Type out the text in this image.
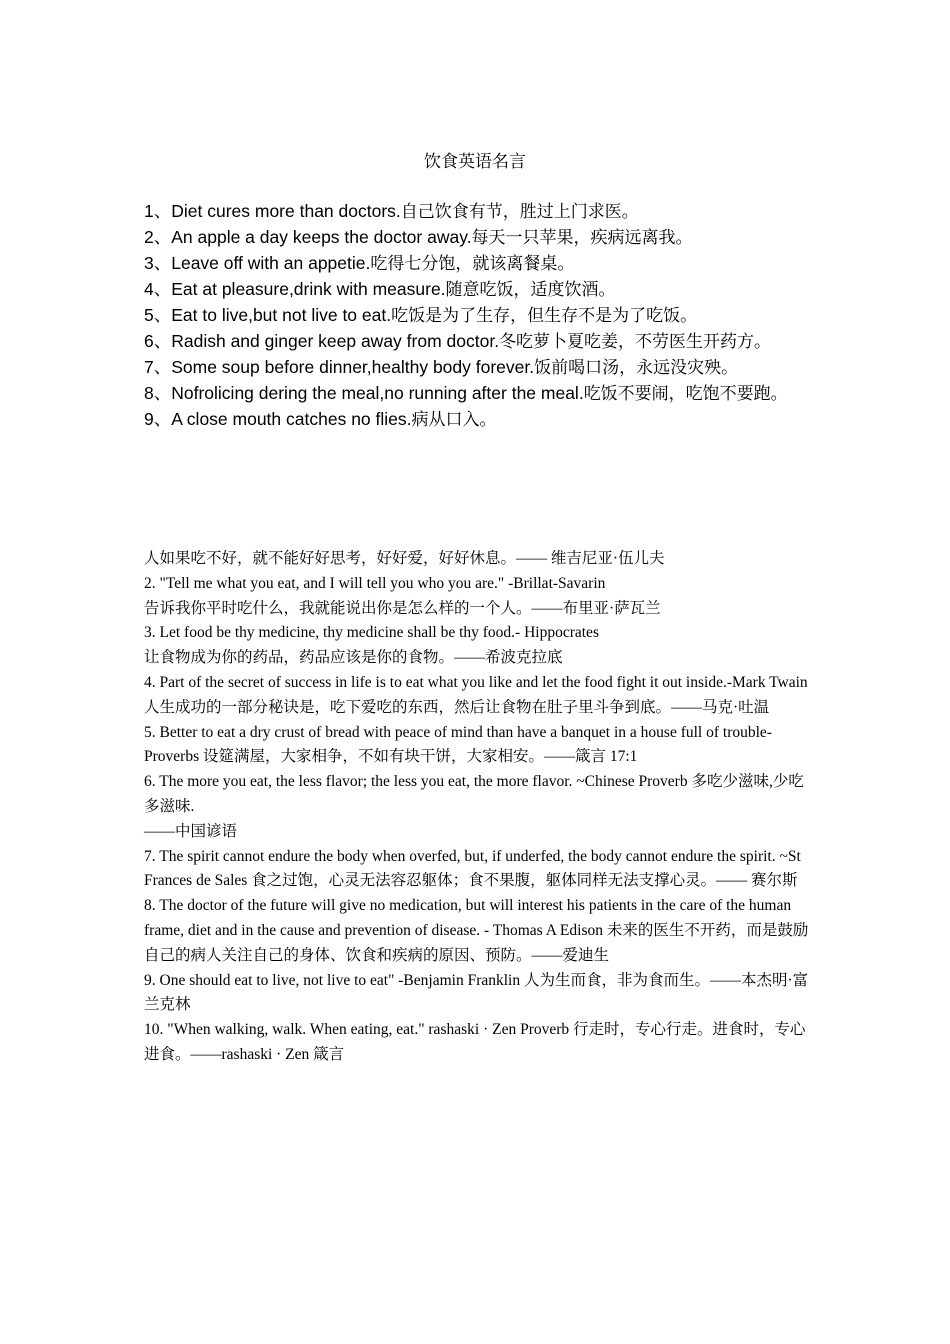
饮食英语名言

1、Diet cures more than doctors.自己饮食有节，胜过上门求医。

2、An apple a day keeps the doctor away.每天一只苹果，疾病远离我。

3、Leave off with an appetie.吃得七分饱，就该离餐桌。

4、Eat at pleasure,drink with measure.随意吃饭，适度饮酒。

5、Eat to live,but not live to eat.吃饭是为了生存，但生存不是为了吃饭。

6、Radish and ginger keep away from doctor.冬吃萝卜夏吃姜，不劳医生开药方。

7、Some soup before dinner,healthy body forever.饭前喝口汤，永远没灾殃。

8、Nofrolicing dering the meal,no running after the meal.吃饭不要闹，吃饱不要跑。

9、A close mouth catches no flies.病从口入。

人如果吃不好，就不能好好思考，好好爱，好好休息。—— 维吉尼亚·伍儿夫

2. "Tell me what you eat, and I will tell you who you are." -Brillat-Savarin

告诉我你平时吃什么，我就能说出你是怎么样的一个人。——布里亚·萨瓦兰

3. Let food be thy medicine, thy medicine shall be thy food.- Hippocrates

让食物成为你的药品，药品应该是你的食物。——希波克拉底

4. Part of the secret of success in life is to eat what you like and let the food fight it out inside.-Mark Twain 人生成功的一部分秘诀是，吃下爱吃的东西，然后让食物在肚子里斗争到底。——马克·吐温

5. Better to eat a dry crust of bread with peace of mind than have a banquet in a house full of trouble-Proverbs 设筵满屋，大家相争，不如有块干饼，大家相安。——箴言 17:1

6. The more you eat, the less flavor; the less you eat, the more flavor. ~Chinese Proverb 多吃少滋味,少吃多滋味.

——中国谚语

7. The spirit cannot endure the body when overfed, but, if underfed, the body cannot endure the spirit. ~St Frances de Sales 食之过饱，心灵无法容忍躯体；食不果腹，躯体同样无法支撑心灵。—— 赛尔斯

8. The doctor of the future will give no medication, but will interest his patients in the care of the human frame, diet and in the cause and prevention of disease. - Thomas A Edison 未来的医生不开药，而是鼓励自己的病人关注自己的身体、饮食和疾病的原因、预防。——爱迪生

9. One should eat to live, not live to eat" -Benjamin Franklin 人为生而食，非为食而生。——本杰明·富兰克林

10. "When walking, walk. When eating, eat." rashaski · Zen Proverb 行走时，专心行走。进食时，专心进食。——rashaski · Zen 箴言
